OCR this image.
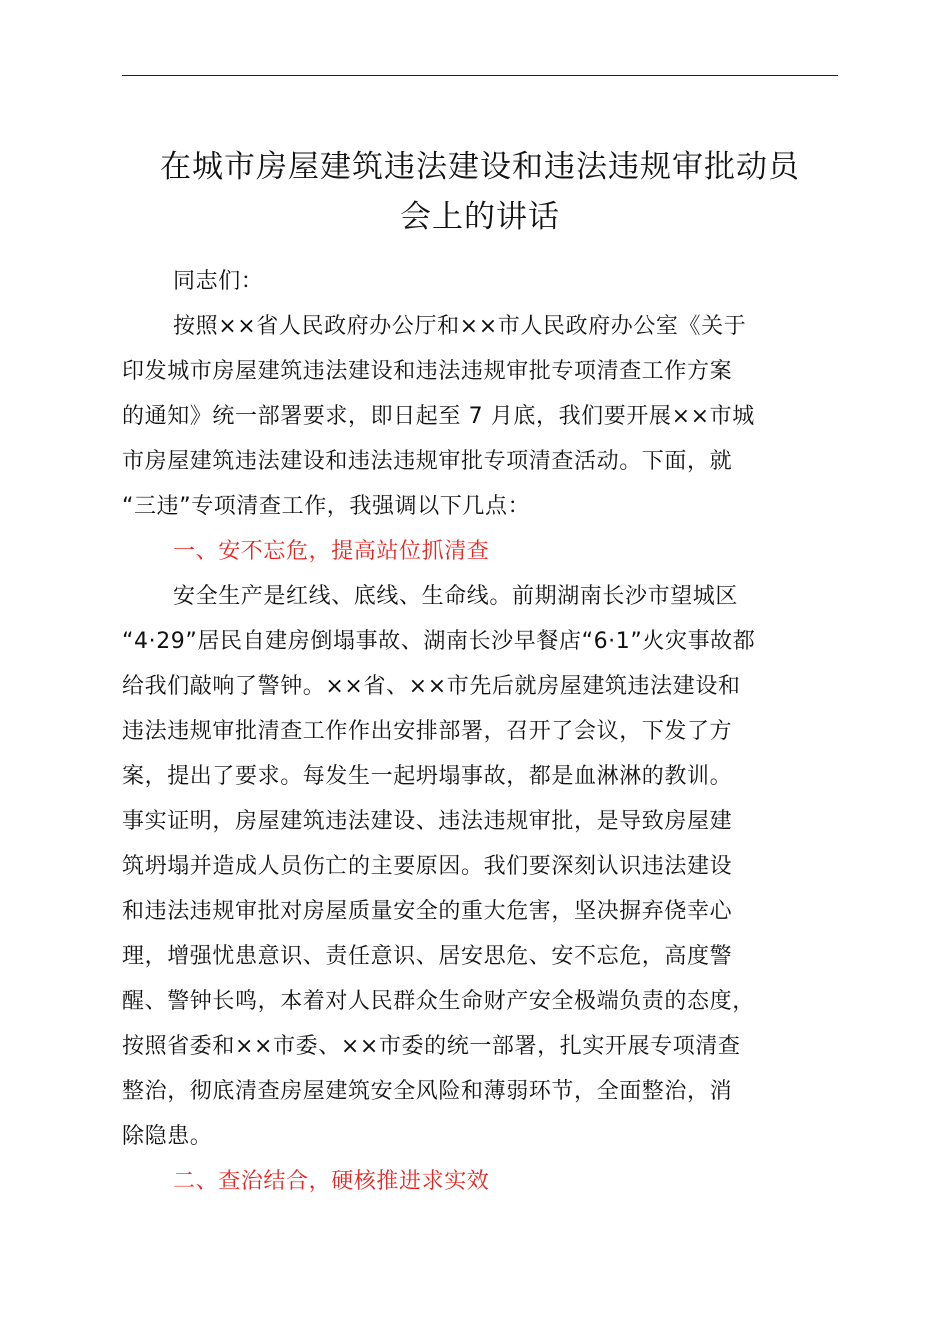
在城市房屋建筑违法建设和违法违规审批动员
会上的讲话
同志们：
按照××省人民政府办公厅和××市人民政府办公室《关于
印发城市房屋建筑违法建设和违法违规审批专项清查工作方案
的通知》统一部署要求，即日起至 7 月底，我们要开展××市城
市房屋建筑违法建设和违法违规审批专项清查活动。下面，就
“三违”专项清查工作，我强调以下几点：
一、安不忘危，提高站位抓清查
安全生产是红线、底线、生命线。前期湖南长沙市望城区
“4·29”居民自建房倒塌事故、湖南长沙早餐店“6·1”火灾事故都
给我们敲响了警钟。××省、××市先后就房屋建筑违法建设和
违法违规审批清查工作作出安排部署，召开了会议，下发了方
案，提出了要求。每发生一起坍塌事故，都是血淋淋的教训。
事实证明，房屋建筑违法建设、违法违规审批，是导致房屋建
筑坍塌并造成人员伤亡的主要原因。我们要深刻认识违法建设
和违法违规审批对房屋质量安全的重大危害，坚决摒弃侥幸心
理，增强忧患意识、责任意识、居安思危、安不忘危，高度警
醒、警钟长鸣，本着对人民群众生命财产安全极端负责的态度，
按照省委和××市委、××市委的统一部署，扎实开展专项清查
整治，彻底清查房屋建筑安全风险和薄弱环节，全面整治，消
除隐患。
二、查治结合，硬核推进求实效
